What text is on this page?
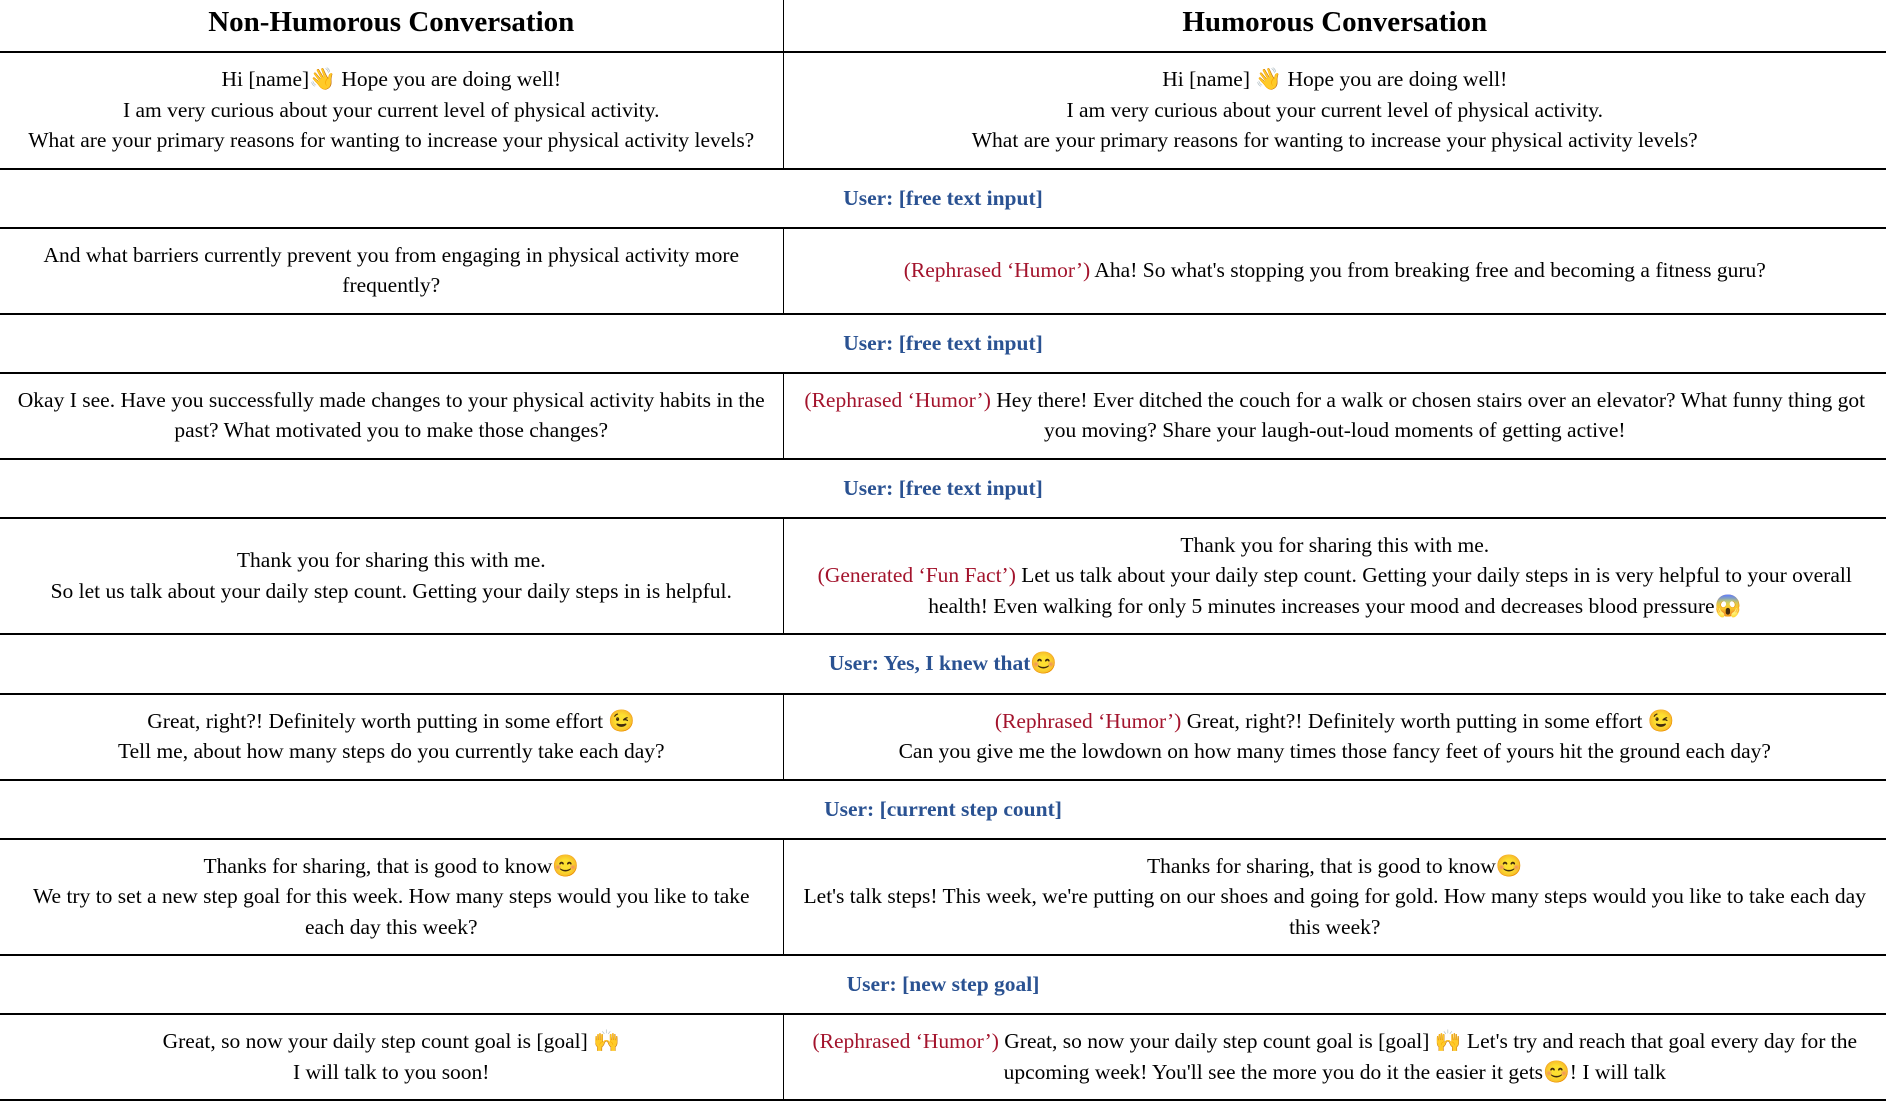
Non-Humorous Conversation	Humorous Conversation

Hi [name]👋 Hope you are doing well!
I am very curious about your current level of physical activity.
What are your primary reasons for wanting to increase your physical activity levels?	Hi [name] 👋 Hope you are doing well!
I am very curious about your current level of physical activity.
What are your primary reasons for wanting to increase your physical activity levels?

User: [free text input]	

And what barriers currently prevent you from engaging in physical activity more frequently?	(Rephrased ‘Humor’) Aha! So what's stopping you from breaking free and becoming a fitness guru?

User: [free text input]	

Okay I see. Have you successfully made changes to your physical activity habits in the past? What motivated you to make those changes?	(Rephrased ‘Humor’) Hey there! Ever ditched the couch for a walk or chosen stairs over an elevator? What funny thing got you moving? Share your laugh-out-loud moments of getting active!

User: [free text input]	

Thank you for sharing this with me.
So let us talk about your daily step count. Getting your daily steps in is helpful.	Thank you for sharing this with me.
(Generated ‘Fun Fact’) Let us talk about your daily step count. Getting your daily steps in is very helpful to your overall health! Even walking for only 5 minutes increases your mood and decreases blood pressure😱

User: Yes, I knew that😊	

Great, right?! Definitely worth putting in some effort 😉
Tell me, about how many steps do you currently take each day?	(Rephrased ‘Humor’) Great, right?! Definitely worth putting in some effort 😉
Can you give me the lowdown on how many times those fancy feet of yours hit the ground each day?

User: [current step count]	

Thanks for sharing, that is good to know😊
We try to set a new step goal for this week. How many steps would you like to take each day this week?	Thanks for sharing, that is good to know😊
Let's talk steps! This week, we're putting on our shoes and going for gold. How many steps would you like to take each day this week?

User: [new step goal]	

Great, so now your daily step count goal is [goal] 🙌
I will talk to you soon!	(Rephrased ‘Humor’) Great, so now your daily step count goal is [goal] 🙌 Let's try and reach that goal every day for the upcoming week! You'll see the more you do it the easier it gets😊! I will talk
